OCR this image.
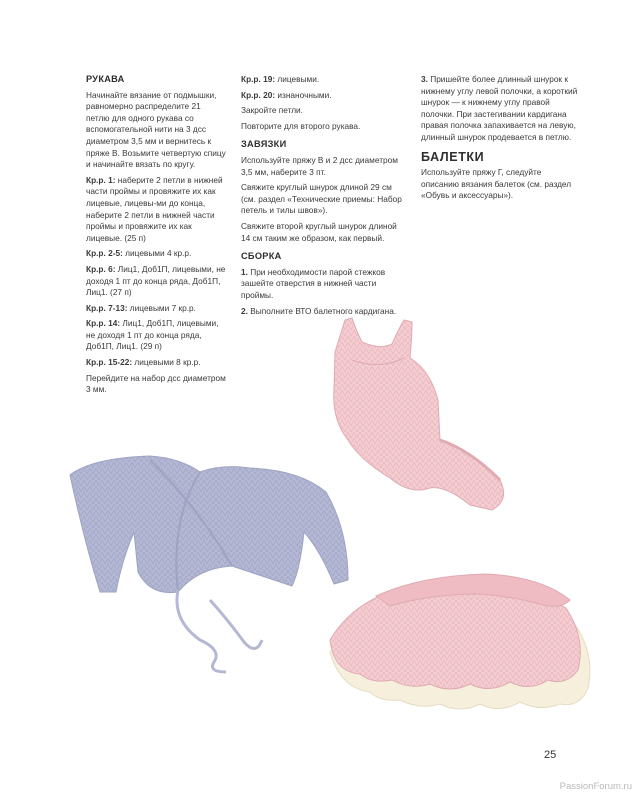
РУКАВА
Начинайте вязание от подмышки, равномерно распределите 21 петлю для одного рукава со вспомогательной нити на 3 дсс диаметром 3,5 мм и вернитесь к пряже В. Возьмите четвертую спицу и начинайте вязать по кругу.
Кр.р. 1: наберите 2 петли в нижней части проймы и провяжите их как лицевые, лицевы-ми до конца, наберите 2 петли в нижней части проймы и провяжите их как лицевые. (25 п)
Кр.р. 2-5: лицевыми 4 кр.р.
Кр.р. 6: Лиц1, Доб1П, лицевыми, не доходя 1 пт до конца ряда, Доб1П, Лиц1. (27 п)
Кр.р. 7-13: лицевыми 7 кр.р.
Кр.р. 14: Лиц1, Доб1П, лицевыми, не доходя 1 пт до конца ряда, Доб1П, Лиц1. (29 п)
Кр.р. 15-22: лицевыми 8 кр.р.
Перейдите на набор дсс диаметром 3 мм.
Кр.р. 19: лицевыми.
Кр.р. 20: изнаночными.
Закройте петли.
Повторите для второго рукава.
ЗАВЯЗКИ
Используйте пряжу В и 2 дсс диаметром 3,5 мм, наберите 3 пт.
Свяжите круглый шнурок длиной 29 см (см. раздел «Технические приемы: Набор петель и тилы швов»).
Свяжите второй круглый шнурок длиной 14 см таким же образом, как первый.
СБОРКА
1. При необходимости парой стежков зашейте отверстия в нижней части проймы.
2. Выполните ВТО балетного кардигана.
3. Пришейте более длинный шнурок к нижнему углу левой полочки, а короткий шнурок — к нижнему углу правой полочки. При застегивании кардигана правая полочка запахивается на левую, длинный шнурок продевается в петлю.
БАЛЕТКИ
Используйте пряжу Г, следуйте описанию вязания балеток (см. раздел «Обувь и аксессуары»).
25
PassionForum.ru
